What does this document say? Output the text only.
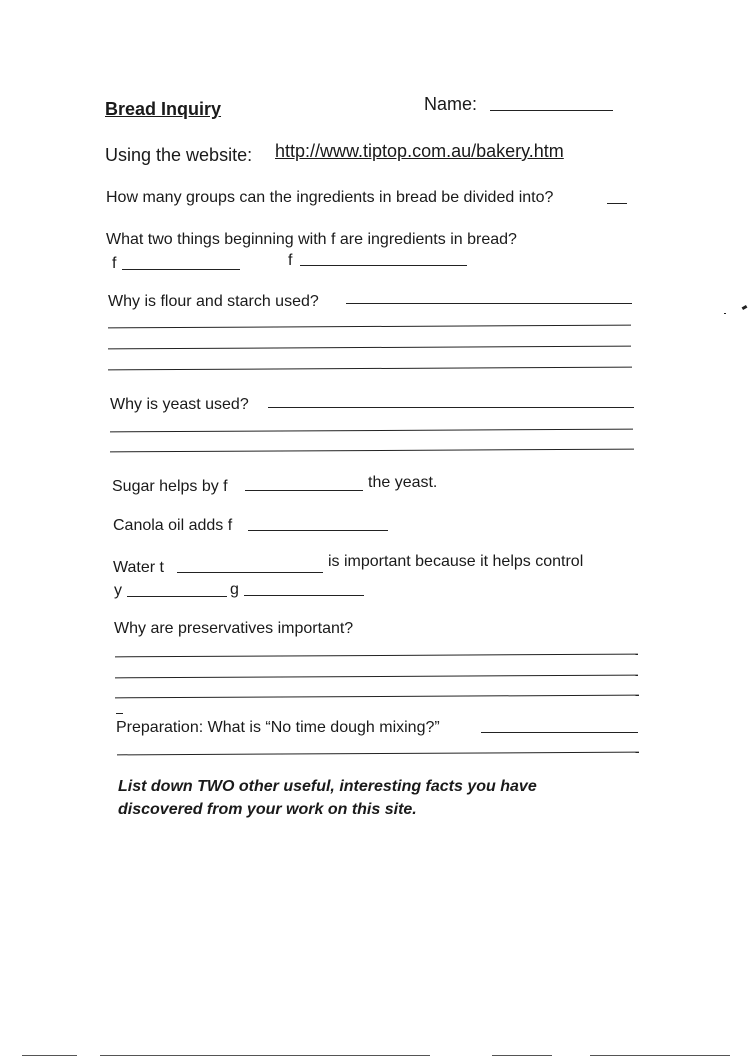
Bread Inquiry	Name:
Using the website: http://www.tiptop.com.au/bakery.htm
How many groups can the ingredients in bread be divided into?
What two things beginning with f are ingredients in bread?
f	f
Why is flour and starch used?
Why is yeast used?
Sugar helps by f	the yeast.
Canola oil adds f
Water t	is important because it helps control
y	g
Why are preservatives important?
Preparation: What is “No time dough mixing?”
List down TWO other useful, interesting facts you have
discovered from your work on this site.
